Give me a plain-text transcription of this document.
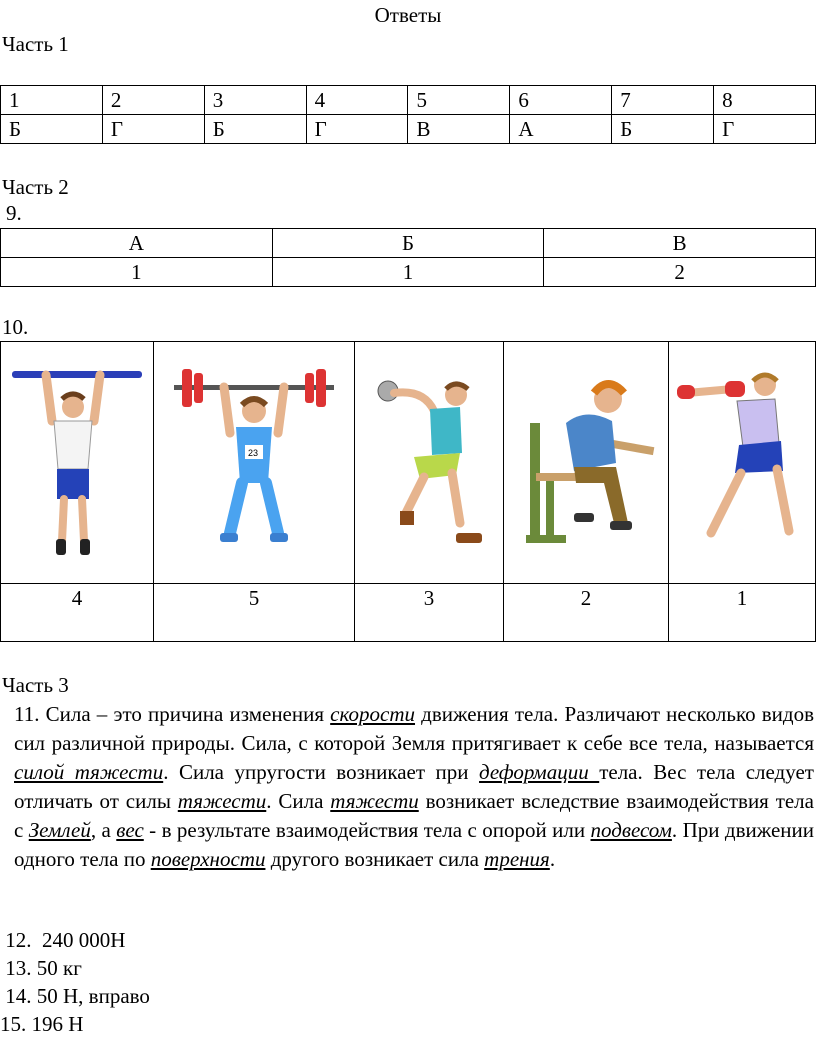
Ответы
Часть 1
1	2	3	4	5	6	7	8
Б	Г	Б	Г	В	А	Б	Г
Часть 2
9.
А	Б	В
1	1	2
10.

23

4	5	3	2	1
Часть 3
11. Сила – это причина изменения скорости движения тела. Различают несколько видов сил различной природы. Сила, с которой Земля притягивает к себе все тела, называется силой тяжести. Сила упругости возникает при деформации тела. Вес тела следует отличать от силы тяжести. Сила тяжести возникает вследствие взаимодействия тела с Землей, а вес - в результате взаимодействия тела с опорой или подвесом. При движении одного тела по поверхности другого возникает сила трения.
12.  240 000Н
13. 50 кг
14. 50 Н, вправо
15. 196 Н
